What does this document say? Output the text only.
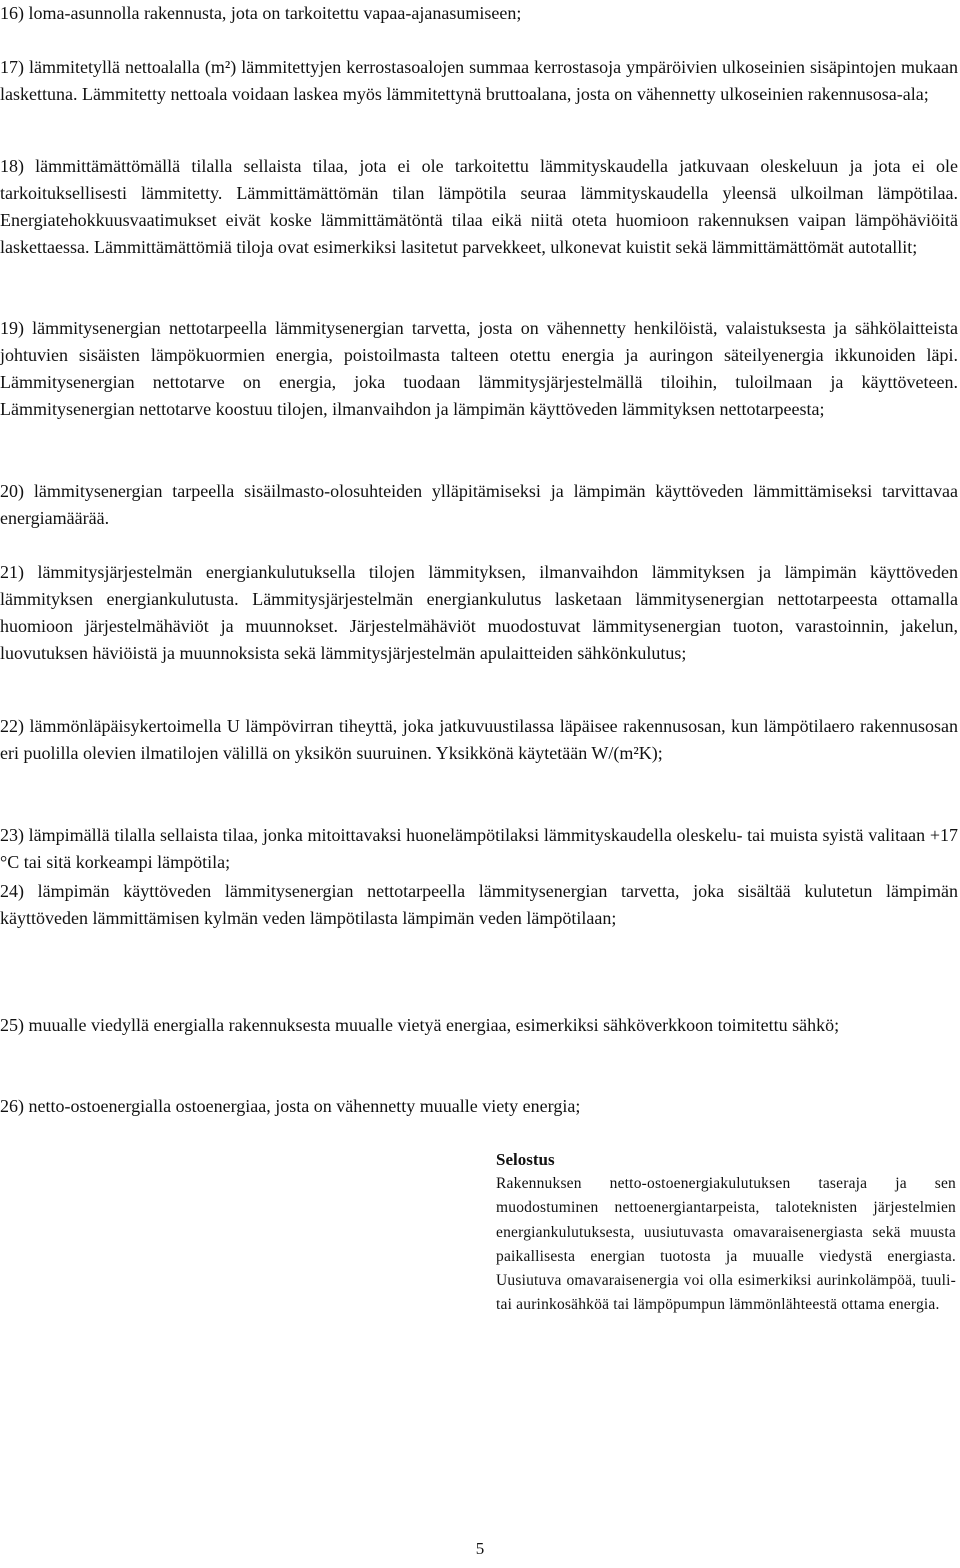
16) loma-asunnolla rakennusta, jota on tarkoitettu vapaa-ajanasumiseen;

17) lämmitetyllä nettoalalla (m²) lämmitettyjen kerrostasoalojen summaa kerrostasoja ympäröivien ulkoseinien sisäpintojen mukaan laskettuna. Lämmitetty nettoala voidaan laskea myös lämmitettynä bruttoalana, josta on vähennetty ulkoseinien rakennusosa-ala;

18) lämmittämättömällä tilalla sellaista tilaa, jota ei ole tarkoitettu lämmityskaudella jatkuvaan oleskeluun ja jota ei ole tarkoituksellisesti lämmitetty. Lämmittämättömän tilan lämpötila seuraa lämmityskaudella yleensä ulkoilman lämpötilaa. Energiatehokkuusvaatimukset eivät koske lämmittämätöntä tilaa eikä niitä oteta huomioon rakennuksen vaipan lämpöhäviöitä laskettaessa. Lämmittämättömiä tiloja ovat esimerkiksi lasitetut parvekkeet, ulkonevat kuistit sekä lämmittämättömät autotallit;

19) lämmitysenergian nettotarpeella lämmitysenergian tarvetta, josta on vähennetty henkilöistä, valaistuksesta ja sähkölaitteista johtuvien sisäisten lämpökuormien energia, poistoilmasta talteen otettu energia ja auringon säteilyenergia ikkunoiden läpi. Lämmitysenergian nettotarve on energia, joka tuodaan lämmitysjärjestelmällä tiloihin, tuloilmaan ja käyttöveteen. Lämmitysenergian nettotarve koostuu tilojen, ilmanvaihdon ja lämpimän käyttöveden lämmityksen nettotarpeesta;

20) lämmitysenergian tarpeella sisäilmasto-olosuhteiden ylläpitämiseksi ja lämpimän käyttöveden lämmittämiseksi tarvittavaa energiamäärää.

21) lämmitysjärjestelmän energiankulutuksella tilojen lämmityksen, ilmanvaihdon lämmityksen ja lämpimän käyttöveden lämmityksen energiankulutusta. Lämmitysjärjestelmän energiankulutus lasketaan lämmitysenergian nettotarpeesta ottamalla huomioon järjestelmähäviöt ja muunnokset. Järjestelmähäviöt muodostuvat lämmitysenergian tuoton, varastoinnin, jakelun, luovutuksen häviöistä ja muunnoksista sekä lämmitysjärjestelmän apulaitteiden sähkönkulutus;

22) lämmönläpäisykertoimella U lämpövirran tiheyttä, joka jatkuvuustilassa läpäisee rakennusosan, kun lämpötilaero rakennusosan eri puolilla olevien ilmatilojen välillä on yksikön suuruinen. Yksikkönä käytetään W/(m²K);

23) lämpimällä tilalla sellaista tilaa, jonka mitoittavaksi huonelämpötilaksi lämmityskaudella oleskelu- tai muista syistä valitaan +17 °C tai sitä korkeampi lämpötila;

24) lämpimän käyttöveden lämmitysenergian nettotarpeella lämmitysenergian tarvetta, joka sisältää kulutetun lämpimän käyttöveden lämmittämisen kylmän veden lämpötilasta lämpimän veden lämpötilaan;

25) muualle viedyllä energialla rakennuksesta muualle vietyä energiaa, esimerkiksi sähköverkkoon toimitettu sähkö;

26) netto-ostoenergialla ostoenergiaa, josta on vähennetty muualle viety energia;

Selostus

Rakennuksen netto-ostoenergiakulutuksen taseraja ja sen muodostuminen nettoenergiantarpeista, taloteknisten järjestelmien energiankulutuksesta, uusiutuvasta omavaraisenergiasta sekä muusta paikallisesta energian tuotosta ja muualle viedystä energiasta. Uusiutuva omavaraisenergia voi olla esimerkiksi aurinkolämpöä, tuuli- tai aurinkosähköä tai lämpöpumpun lämmönlähteestä ottama energia.

5
